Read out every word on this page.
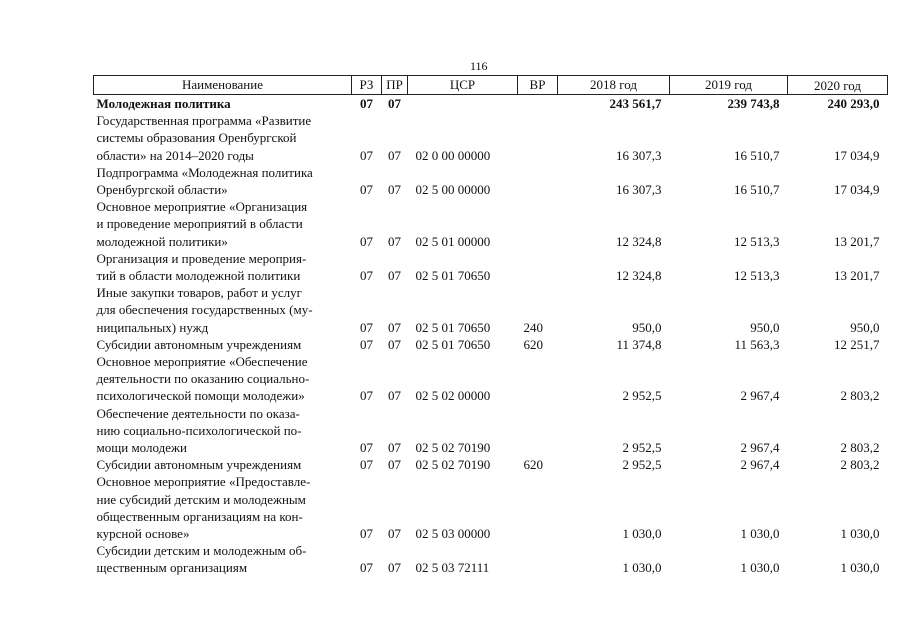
116
Наименование	РЗ	ПР	ЦСР	ВР	2018 год	2019 год	2020 год

Молодежная политика	07	07			243 561,7	239 743,8	240 293,0

Государственная программа «Развитие
системы образования Оренбургской
области» на 2014–2020 годы	07	07	02 0 00 00000		16 307,3	16 510,7	17 034,9

Подпрограмма «Молодежная политика
Оренбургской области»	07	07	02 5 00 00000		16 307,3	16 510,7	17 034,9

Основное мероприятие «Организация
и проведение мероприятий в области
молодежной политики»	07	07	02 5 01 00000		12 324,8	12 513,3	13 201,7

Организация и проведение мероприя-
тий в области молодежной политики	07	07	02 5 01 70650		12 324,8	12 513,3	13 201,7

Иные закупки товаров, работ и услуг
для обеспечения государственных (му-
ниципальных) нужд	07	07	02 5 01 70650	240	950,0	950,0	950,0

Субсидии автономным учреждениям	07	07	02 5 01 70650	620	11 374,8	11 563,3	12 251,7

Основное мероприятие «Обеспечение
деятельности по оказанию социально-
психологической помощи молодежи»	07	07	02 5 02 00000		2 952,5	2 967,4	2 803,2

Обеспечение деятельности по оказа-
нию социально-психологической по-
мощи молодежи	07	07	02 5 02 70190		2 952,5	2 967,4	2 803,2

Субсидии автономным учреждениям	07	07	02 5 02 70190	620	2 952,5	2 967,4	2 803,2

Основное мероприятие «Предоставле-
ние субсидий детским и молодежным
общественным организациям на кон-
курсной основе»	07	07	02 5 03 00000		1 030,0	1 030,0	1 030,0

Субсидии детским и молодежным об-
щественным организациям	07	07	02 5 03 72111		1 030,0	1 030,0	1 030,0
